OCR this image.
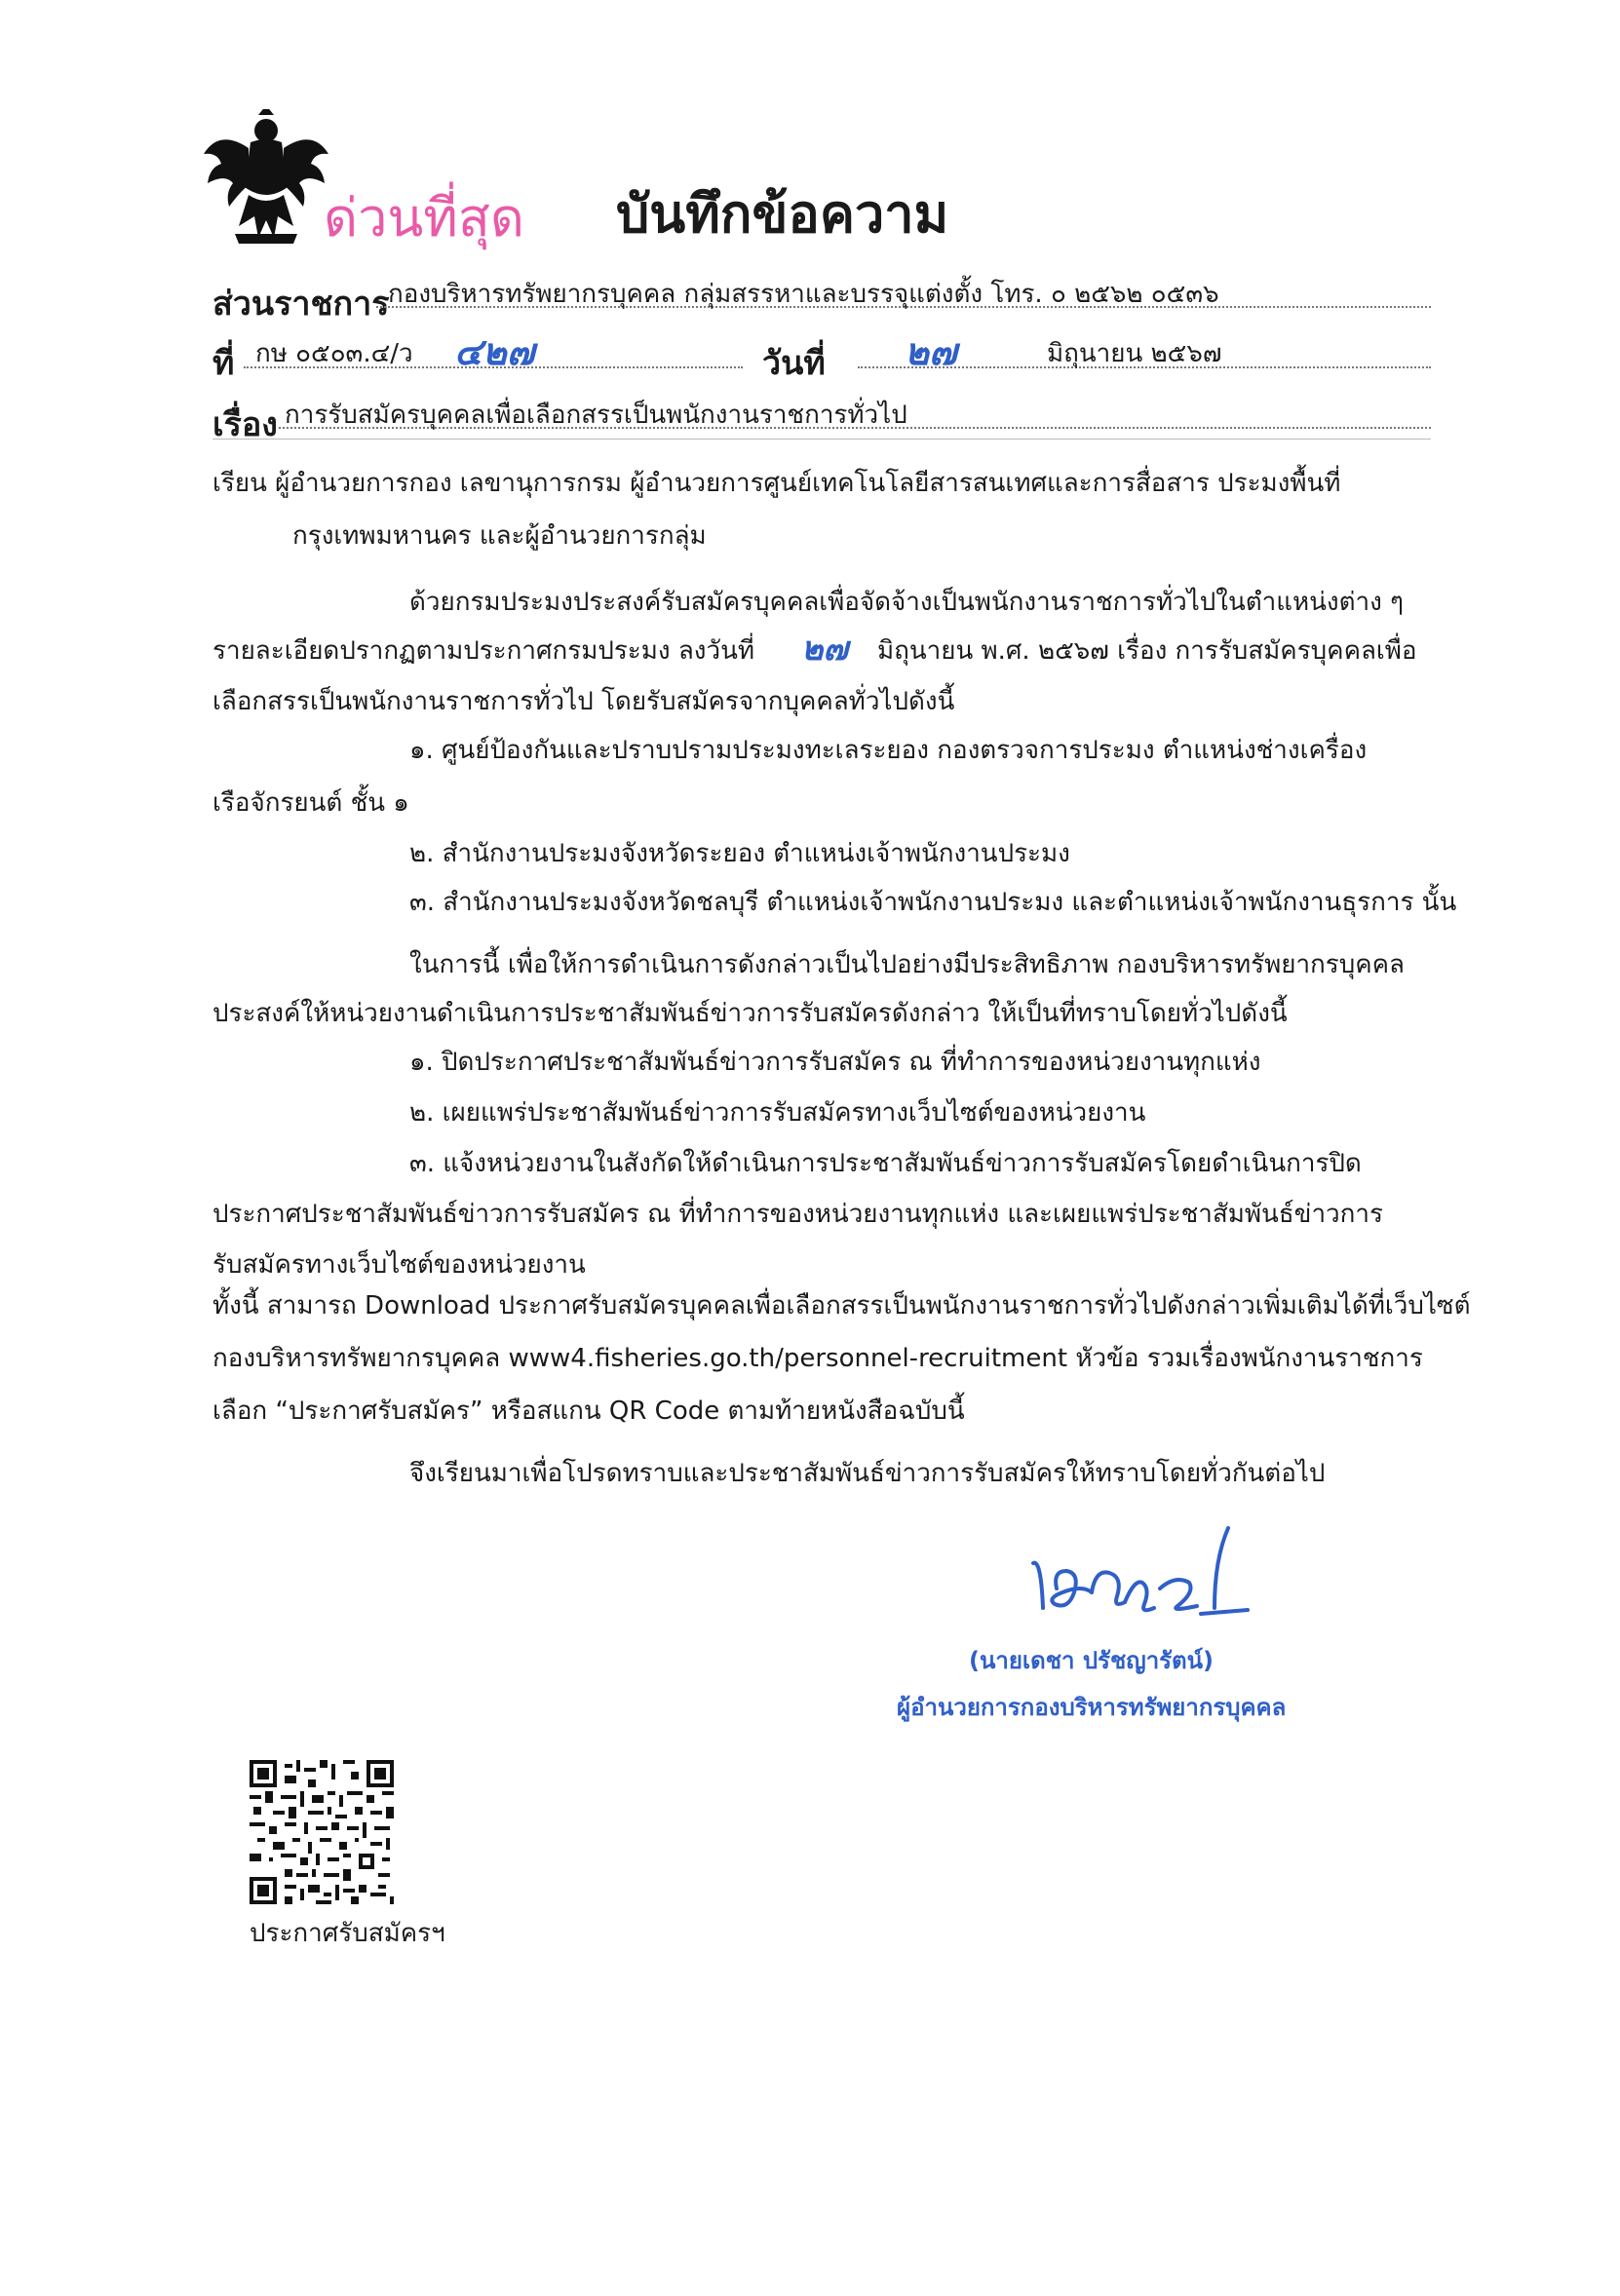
ด่วนที่สุด บันทึกข้อความ
ส่วนราชการ
กองบริหารทรัพยากรบุคคล กลุ่มสรรหาและบรรจุแต่งตั้ง โทร. ๐ ๒๕๖๒ ๐๕๓๖
ที่ กษ ๐๕๐๓.๔/ว ๔๒๗	วันที่ ๒๗	มิถุนายน ๒๕๖๗
เรื่อง การรับสมัครบุคคลเพื่อเลือกสรรเป็นพนักงานราชการทั่วไป
เรียน ผู้อำนวยการกอง เลขานุการกรม ผู้อำนวยการศูนย์เทคโนโลยีสารสนเทศและการสื่อสาร ประมงพื้นที่
กรุงเทพมหานคร และผู้อำนวยการกลุ่ม
ด้วยกรมประมงประสงค์รับสมัครบุคคลเพื่อจัดจ้างเป็นพนักงานราชการทั่วไปในตำแหน่งต่าง ๆ
รายละเอียดปรากฏตามประกาศกรมประมง ลงวันที่ ๒๗ มิถุนายน พ.ศ. ๒๕๖๗ เรื่อง การรับสมัครบุคคลเพื่อ
เลือกสรรเป็นพนักงานราชการทั่วไป โดยรับสมัครจากบุคคลทั่วไปดังนี้
๑. ศูนย์ป้องกันและปราบปรามประมงทะเลระยอง กองตรวจการประมง ตำแหน่งช่างเครื่อง
เรือจักรยนต์ ชั้น ๑
๒. สำนักงานประมงจังหวัดระยอง ตำแหน่งเจ้าพนักงานประมง
๓. สำนักงานประมงจังหวัดชลบุรี ตำแหน่งเจ้าพนักงานประมง และตำแหน่งเจ้าพนักงานธุรการ นั้น
ในการนี้ เพื่อให้การดำเนินการดังกล่าวเป็นไปอย่างมีประสิทธิภาพ กองบริหารทรัพยากรบุคคล
ประสงค์ให้หน่วยงานดำเนินการประชาสัมพันธ์ข่าวการรับสมัครดังกล่าว ให้เป็นที่ทราบโดยทั่วไปดังนี้
๑. ปิดประกาศประชาสัมพันธ์ข่าวการรับสมัคร ณ ที่ทำการของหน่วยงานทุกแห่ง
๒. เผยแพร่ประชาสัมพันธ์ข่าวการรับสมัครทางเว็บไซต์ของหน่วยงาน
๓. แจ้งหน่วยงานในสังกัดให้ดำเนินการประชาสัมพันธ์ข่าวการรับสมัครโดยดำเนินการปิด
ประกาศประชาสัมพันธ์ข่าวการรับสมัคร ณ ที่ทำการของหน่วยงานทุกแห่ง และเผยแพร่ประชาสัมพันธ์ข่าวการ
รับสมัครทางเว็บไซต์ของหน่วยงาน
ทั้งนี้ สามารถ Download ประกาศรับสมัครบุคคลเพื่อเลือกสรรเป็นพนักงานราชการทั่วไปดังกล่าวเพิ่มเติมได้ที่เว็บไซต์
กองบริหารทรัพยากรบุคคล www4.fisheries.go.th/personnel-recruitment หัวข้อ รวมเรื่องพนักงานราชการ
เลือก “ประกาศรับสมัคร” หรือสแกน QR Code ตามท้ายหนังสือฉบับนี้
จึงเรียนมาเพื่อโปรดทราบและประชาสัมพันธ์ข่าวการรับสมัครให้ทราบโดยทั่วกันต่อไป
(นายเดชา ปรัชญารัตน์)
ผู้อำนวยการกองบริหารทรัพยากรบุคคล
ประกาศรับสมัครฯ
